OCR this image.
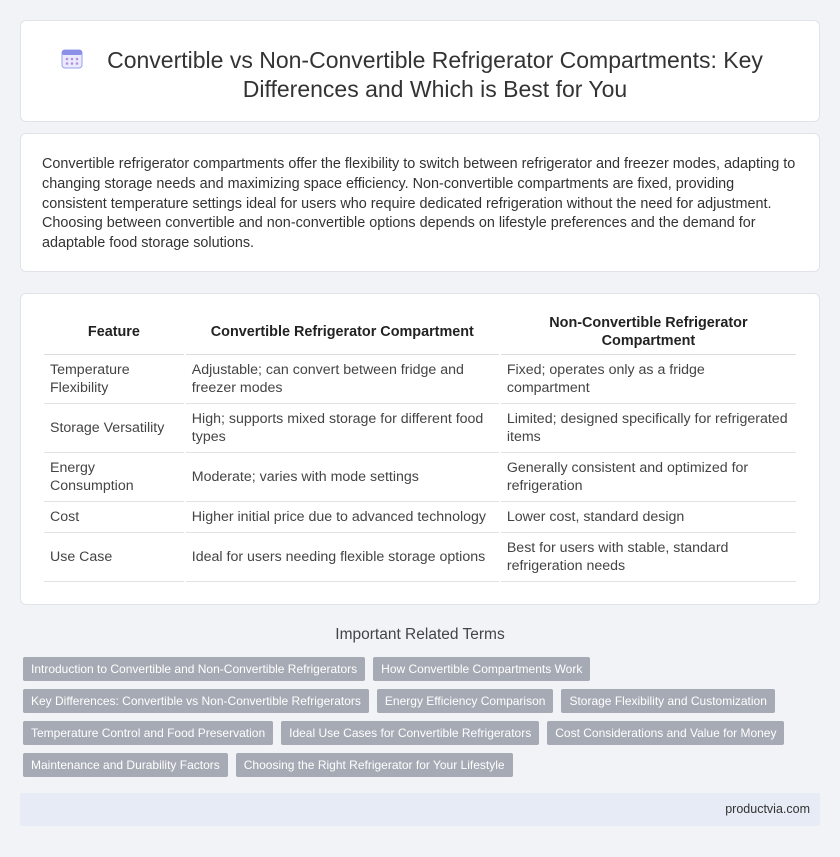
Convertible vs Non-Convertible Refrigerator Compartments: Key Differences and Which is Best for You

Convertible refrigerator compartments offer the flexibility to switch between refrigerator and freezer modes, adapting to changing storage needs and maximizing space efficiency. Non-convertible compartments are fixed, providing consistent temperature settings ideal for users who require dedicated refrigeration without the need for adjustment. Choosing between convertible and non-convertible options depends on lifestyle preferences and the demand for adaptable food storage solutions.

Feature	Convertible Refrigerator Compartment	Non-Convertible Refrigerator Compartment
Temperature Flexibility	Adjustable; can convert between fridge and freezer modes	Fixed; operates only as a fridge compartment
Storage Versatility	High; supports mixed storage for different food types	Limited; designed specifically for refrigerated items
Energy Consumption	Moderate; varies with mode settings	Generally consistent and optimized for refrigeration
Cost	Higher initial price due to advanced technology	Lower cost, standard design
Use Case	Ideal for users needing flexible storage options	Best for users with stable, standard refrigeration needs
Important Related Terms
Introduction to Convertible and Non-Convertible Refrigerators	How Convertible Compartments Work
Key Differences: Convertible vs Non-Convertible Refrigerators	Energy Efficiency Comparison	Storage Flexibility and Customization
Temperature Control and Food Preservation	Ideal Use Cases for Convertible Refrigerators	Cost Considerations and Value for Money
Maintenance and Durability Factors	Choosing the Right Refrigerator for Your Lifestyle
productvia.com
